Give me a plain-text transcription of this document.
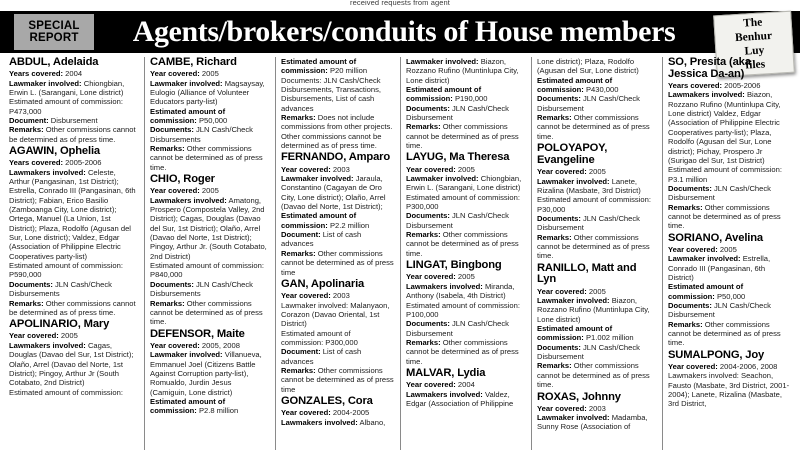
received requests from agent
SPECIAL
REPORT	Agents/brokers/conduits of House members	The
Benhur
Luy
files
ABDUL, Adelaida

Years covered: 2004

Lawmaker involved: Chiongbian, Erwin L. (Sarangani, Lone district)

Estimated amount of commission: P473,000

Document: Disbursement

Remarks: Other commissions cannot be determined as of press time.

AGAWIN, Ophelia

Years covered: 2005-2006

Lawmakers involved: Celeste, Arthur (Pangasinan, 1st District); Estrella, Conrado III (Pangasinan, 6th District); Fabian, Erico Basilio (Zamboanga City, Lone district); Ortega, Manuel (La Union, 1st District); Plaza, Rodolfo (Agusan del Sur, Lone district); Valdez, Edgar (Association of Philippine Electric Cooperatives party-list)

Estimated amount of commission: P590,000

Documents: JLN Cash/Check Disbursements

Remarks: Other commissions cannot be determined as of press time.

APOLINARIO, Mary

Year covered: 2005

Lawmakers involved: Cagas, Douglas (Davao del Sur, 1st District); Olaño, Arrel (Davao del Norte, 1st District); Pingoy, Arthur Jr (South Cotabato, 2nd District)

Estimated amount of commission:

CAMBE, Richard

Year covered: 2005

Lawmaker involved: Magsaysay, Eulogio (Alliance of Volunteer Educators party-list)

Estimated amount of commission: P50,000

Documents: JLN Cash/Check Disbursements

Remarks: Other commissions cannot be determined as of press time.

CHIO, Roger

Year covered: 2005

Lawmakers involved: Amatong, Prospero (Compostela Valley, 2nd District); Cagas, Douglas (Davao del Sur, 1st District); Olaño, Arrel (Davao del Norte, 1st District); Pingoy, Arthur Jr. (South Cotabato, 2nd District)

Estimated amount of commission: P840,000

Documents: JLN Cash/Check Disbursements

Remarks: Other commissions cannot be determined as of press time.

DEFENSOR, Maite

Year covered: 2005, 2008

Lawmaker involved: Villanueva, Emmanuel Joel (Citizens Battle Against Corruption party-list), Romualdo, Jurdin Jesus (Camiguin, Lone district)

Estimated amount of commission: P2.8 million

Estimated amount of commission: P20 million

Documents: JLN Cash/Check Disbursements, Transactions, Disbursements, List of cash advances

Remarks: Does not include commissions from other projects. Other commissions cannot be determined as of press time.

FERNANDO, Amparo

Year covered: 2003

Lawmaker involved: Jaraula, Constantino (Cagayan de Oro City, Lone district); Olaño, Arrel (Davao del Norte, 1st District);

Estimated amount of commission: P2.2 million

Document: List of cash advances

Remarks: Other commissions cannot be determined as of press time

GAN, Apolinaria

Year covered: 2003

Lawmaker involved: Malanyaon, Corazon (Davao Oriental, 1st District)

Estimated amount of commission: P300,000

Document: List of cash advances

Remarks: Other commissions cannot be determined as of press time

GONZALES, Cora

Year covered: 2004-2005

Lawmakers involved: Albano,

Lawmaker involved: Biazon, Rozzano Rufino (Muntinlupa City, Lone district)

Estimated amount of commission: P190,000

Documents: JLN Cash/Check Disbursement

Remarks: Other commissions cannot be determined as of press time.

LAYUG, Ma Theresa

Year covered: 2005

Lawmaker involved: Chiongbian, Erwin L. (Sarangani, Lone district)

Estimated amount of commission: P300,000

Documents: JLN Cash/Check Disbursement

Remarks: Other commissions cannot be determined as of press time.

LINGAT, Bingbong

Year covered: 2005

Lawmakers involved: Miranda, Anthony (Isabela, 4th District)

Estimated amount of commission: P100,000

Documents: JLN Cash/Check Disbursement

Remarks: Other commissions cannot be determined as of press time.

MALVAR, Lydia

Year covered: 2004

Lawmakers involved: Valdez, Edgar (Association of Philippine

Lone district); Plaza, Rodolfo (Agusan del Sur, Lone district)

Estimated amount of commission: P430,000

Documents: JLN Cash/Check Disbursement

Remarks: Other commissions cannot be determined as of press time.

POLOYAPOY, Evangeline

Year covered: 2005

Lawmaker involved: Lanete, Rizalina (Masbate, 3rd District)

Estimated amount of commission: P30,000

Documents: JLN Cash/Check Disbursement

Remarks: Other commissions cannot be determined as of press time.

RANILLO, Matt and Lyn

Year covered: 2005

Lawmaker involved: Biazon, Rozzano Rufino (Muntinlupa City, Lone district)

Estimated amount of commission: P1.002 million

Documents: JLN Cash/Check Disbursement

Remarks: Other commissions cannot be determined as of press time.

ROXAS, Johnny

Year covered: 2003

Lawmaker involved: Madamba, Sunny Rose (Association of

SO, Presita (aka Jessica Da-an)

Years covered: 2005-2006

Lawmakers involved: Biazon, Rozzano Rufino (Muntinlupa City, Lone district) Valdez, Edgar (Association of Philippine Electric Cooperatives party-list); Plaza, Rodolfo (Agusan del Sur, Lone district); Pichay, Prospero Jr (Surigao del Sur, 1st District)

Estimated amount of commission: P3.1 million

Documents: JLN Cash/Check Disbursement

Remarks: Other commissions cannot be determined as of press time.

SORIANO, Avelina

Year covered: 2005

Lawmaker involved: Estrella, Conrado III (Pangasinan, 6th District)

Estimated amount of commission: P50,000

Documents: JLN Cash/Check Disbursement

Remarks: Other commissions cannot be determined as of press time.

SUMALPONG, Joy

Year covered: 2004-2006, 2008

Lawmakers involved: Seachon, Fausto (Masbate, 3rd District, 2001-2004); Lanete, Rizalina (Masbate, 3rd District,
